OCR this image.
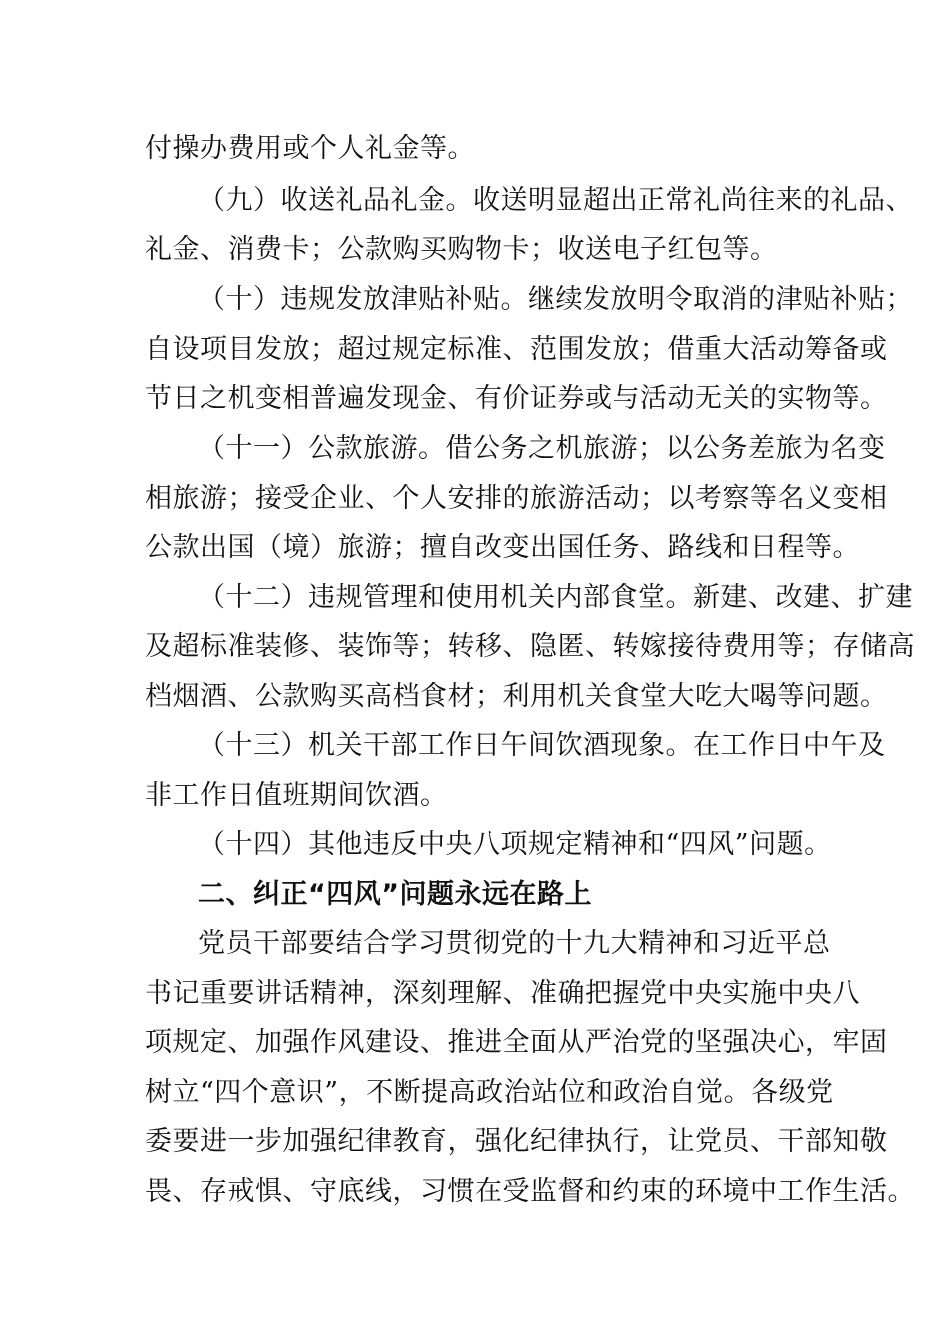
付操办费用或个人礼金等。
（九）收送礼品礼金。收送明显超出正常礼尚往来的礼品、
礼金、消费卡；公款购买购物卡；收送电子红包等。
（十）违规发放津贴补贴。继续发放明令取消的津贴补贴；
自设项目发放；超过规定标准、范围发放；借重大活动筹备或
节日之机变相普遍发现金、有价证券或与活动无关的实物等。
（十一）公款旅游。借公务之机旅游；以公务差旅为名变
相旅游；接受企业、个人安排的旅游活动；以考察等名义变相
公款出国（境）旅游；擅自改变出国任务、路线和日程等。
（十二）违规管理和使用机关内部食堂。新建、改建、扩建
及超标准装修、装饰等；转移、隐匿、转嫁接待费用等；存储高
档烟酒、公款购买高档食材；利用机关食堂大吃大喝等问题。
（十三）机关干部工作日午间饮酒现象。在工作日中午及
非工作日值班期间饮酒。
（十四）其他违反中央八项规定精神和“四风”问题。
二、纠正“四风”问题永远在路上
党员干部要结合学习贯彻党的十九大精神和习近平总
书记重要讲话精神，深刻理解、准确把握党中央实施中央八
项规定、加强作风建设、推进全面从严治党的坚强决心，牢固
树立“四个意识”，不断提高政治站位和政治自觉。各级党
委要进一步加强纪律教育，强化纪律执行，让党员、干部知敬
畏、存戒惧、守底线，习惯在受监督和约束的环境中工作生活。
